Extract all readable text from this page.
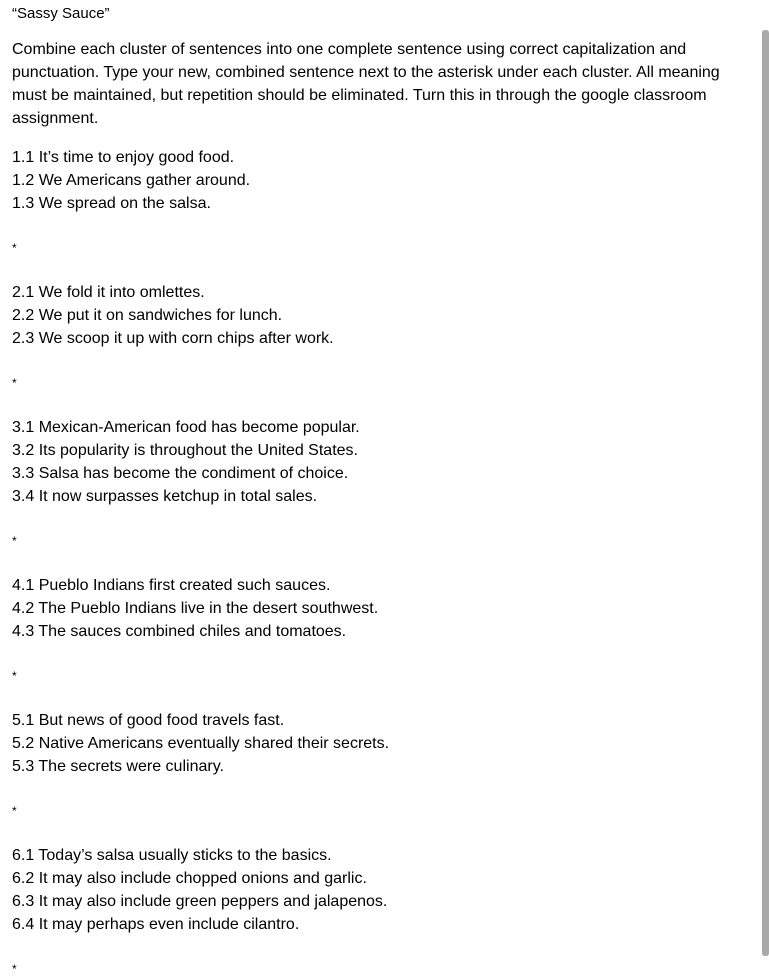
“Sassy Sauce”
Combine each cluster of sentences into one complete sentence using correct capitalization and punctuation. Type your new, combined sentence next to the asterisk under each cluster. All meaning must be maintained, but repetition should be eliminated. Turn this in through the google classroom assignment.
1.1 It’s time to enjoy good food.
1.2 We Americans gather around.
1.3 We spread on the salsa.
*
2.1 We fold it into omlettes.
2.2 We put it on sandwiches for lunch.
2.3 We scoop it up with corn chips after work.
*
3.1 Mexican-American food has become popular.
3.2 Its popularity is throughout the United States.
3.3 Salsa has become the condiment of choice.
3.4 It now surpasses ketchup in total sales.
*
4.1 Pueblo Indians first created such sauces.
4.2 The Pueblo Indians live in the desert southwest.
4.3 The sauces combined chiles and tomatoes.
*
5.1 But news of good food travels fast.
5.2 Native Americans eventually shared their secrets.
5.3 The secrets were culinary.
*
6.1 Today’s salsa usually sticks to the basics.
6.2 It may also include chopped onions and garlic.
6.3 It may also include green peppers and jalapenos.
6.4 It may perhaps even include cilantro.
*
